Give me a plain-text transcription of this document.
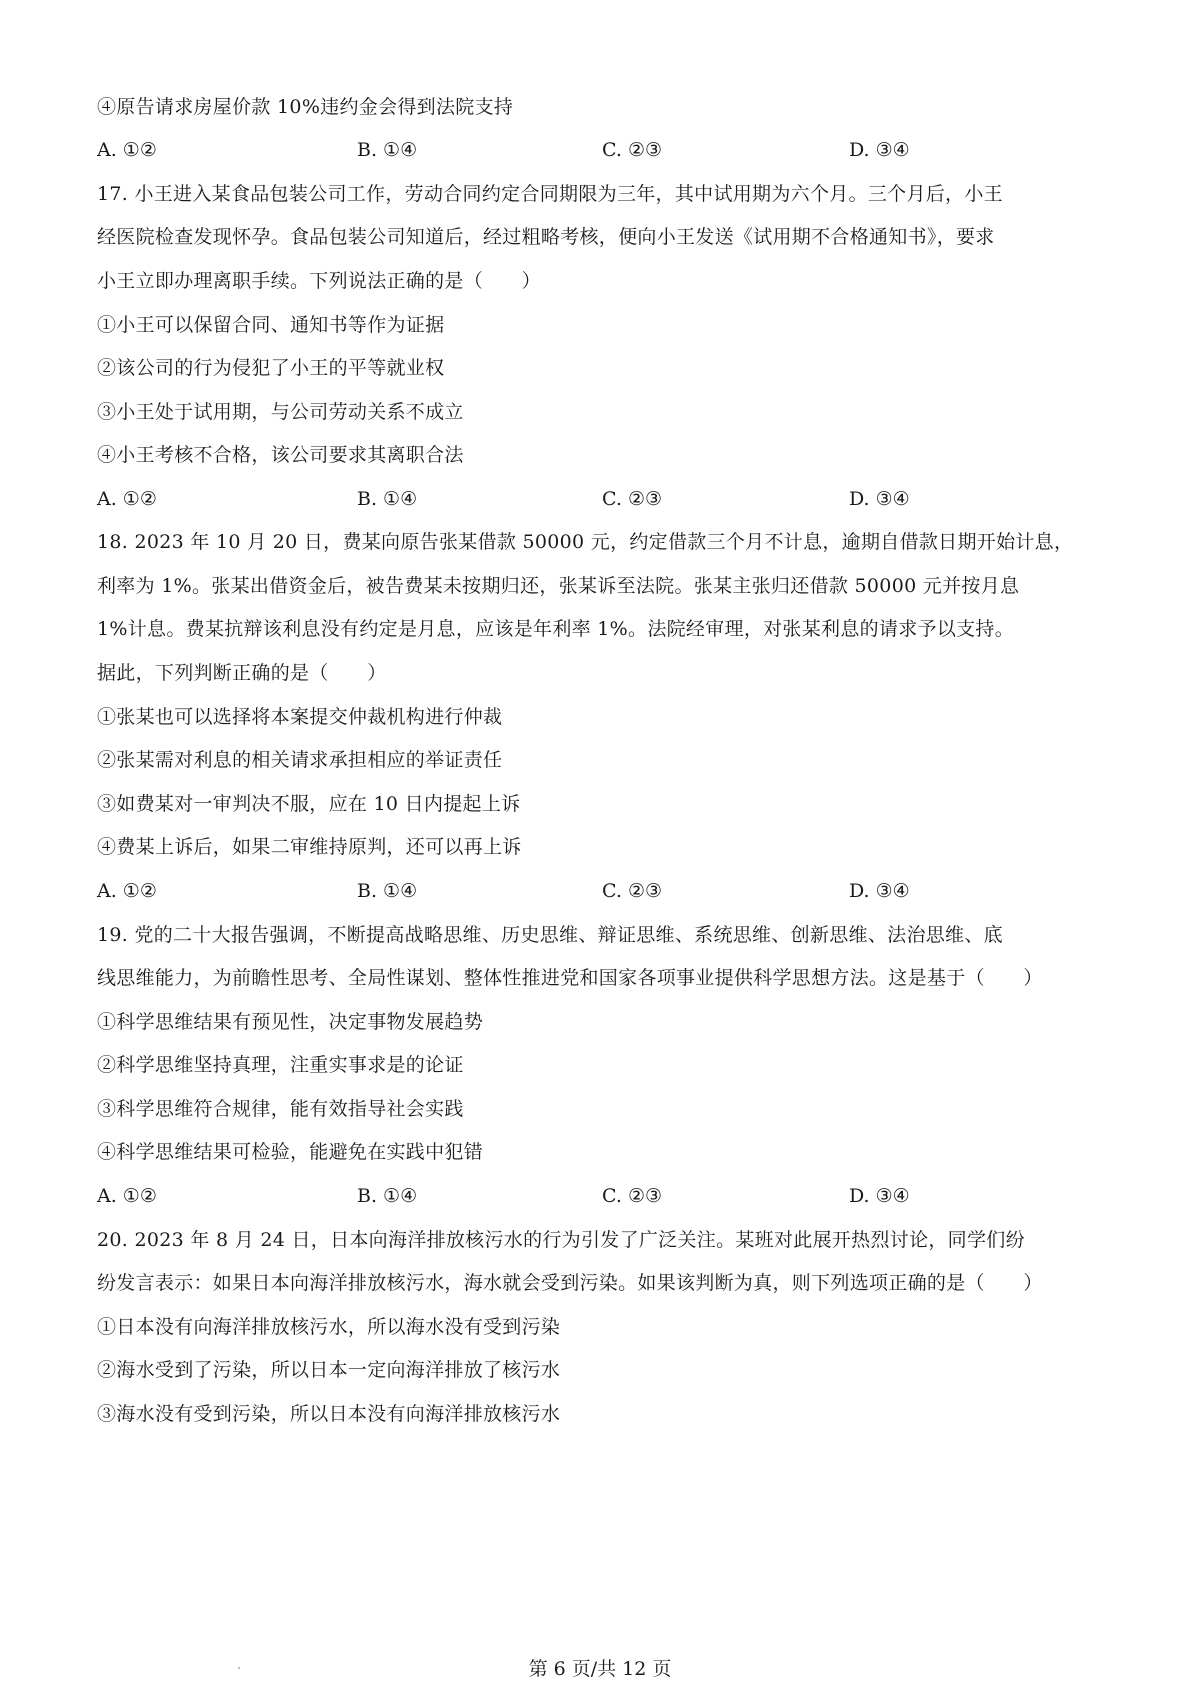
④原告请求房屋价款 10%违约金会得到法院支持
A. ①②	B. ①④	C. ②③	D. ③④
17. 小王进入某食品包装公司工作，劳动合同约定合同期限为三年，其中试用期为六个月。三个月后，小王
经医院检查发现怀孕。食品包装公司知道后，经过粗略考核，便向小王发送《试用期不合格通知书》，要求
小王立即办理离职手续。下列说法正确的是（　　）
①小王可以保留合同、通知书等作为证据
②该公司的行为侵犯了小王的平等就业权
③小王处于试用期，与公司劳动关系不成立
④小王考核不合格，该公司要求其离职合法
A. ①②	B. ①④	C. ②③	D. ③④
18. 2023 年 10 月 20 日，费某向原告张某借款 50000 元，约定借款三个月不计息，逾期自借款日期开始计息，
利率为 1%。张某出借资金后，被告费某未按期归还，张某诉至法院。张某主张归还借款 50000 元并按月息
1%计息。费某抗辩该利息没有约定是月息，应该是年利率 1%。法院经审理，对张某利息的请求予以支持。
据此，下列判断正确的是（　　）
①张某也可以选择将本案提交仲裁机构进行仲裁
②张某需对利息的相关请求承担相应的举证责任
③如费某对一审判决不服，应在 10 日内提起上诉
④费某上诉后，如果二审维持原判，还可以再上诉
A. ①②	B. ①④	C. ②③	D. ③④
19. 党的二十大报告强调，不断提高战略思维、历史思维、辩证思维、系统思维、创新思维、法治思维、底
线思维能力，为前瞻性思考、全局性谋划、整体性推进党和国家各项事业提供科学思想方法。这是基于（　　）
①科学思维结果有预见性，决定事物发展趋势
②科学思维坚持真理，注重实事求是的论证
③科学思维符合规律，能有效指导社会实践
④科学思维结果可检验，能避免在实践中犯错
A. ①②	B. ①④	C. ②③	D. ③④
20. 2023 年 8 月 24 日，日本向海洋排放核污水的行为引发了广泛关注。某班对此展开热烈讨论，同学们纷
纷发言表示：如果日本向海洋排放核污水，海水就会受到污染。如果该判断为真，则下列选项正确的是（　　）
①日本没有向海洋排放核污水，所以海水没有受到污染
②海水受到了污染，所以日本一定向海洋排放了核污水
③海水没有受到污染，所以日本没有向海洋排放核污水
第 6 页/共 12 页
